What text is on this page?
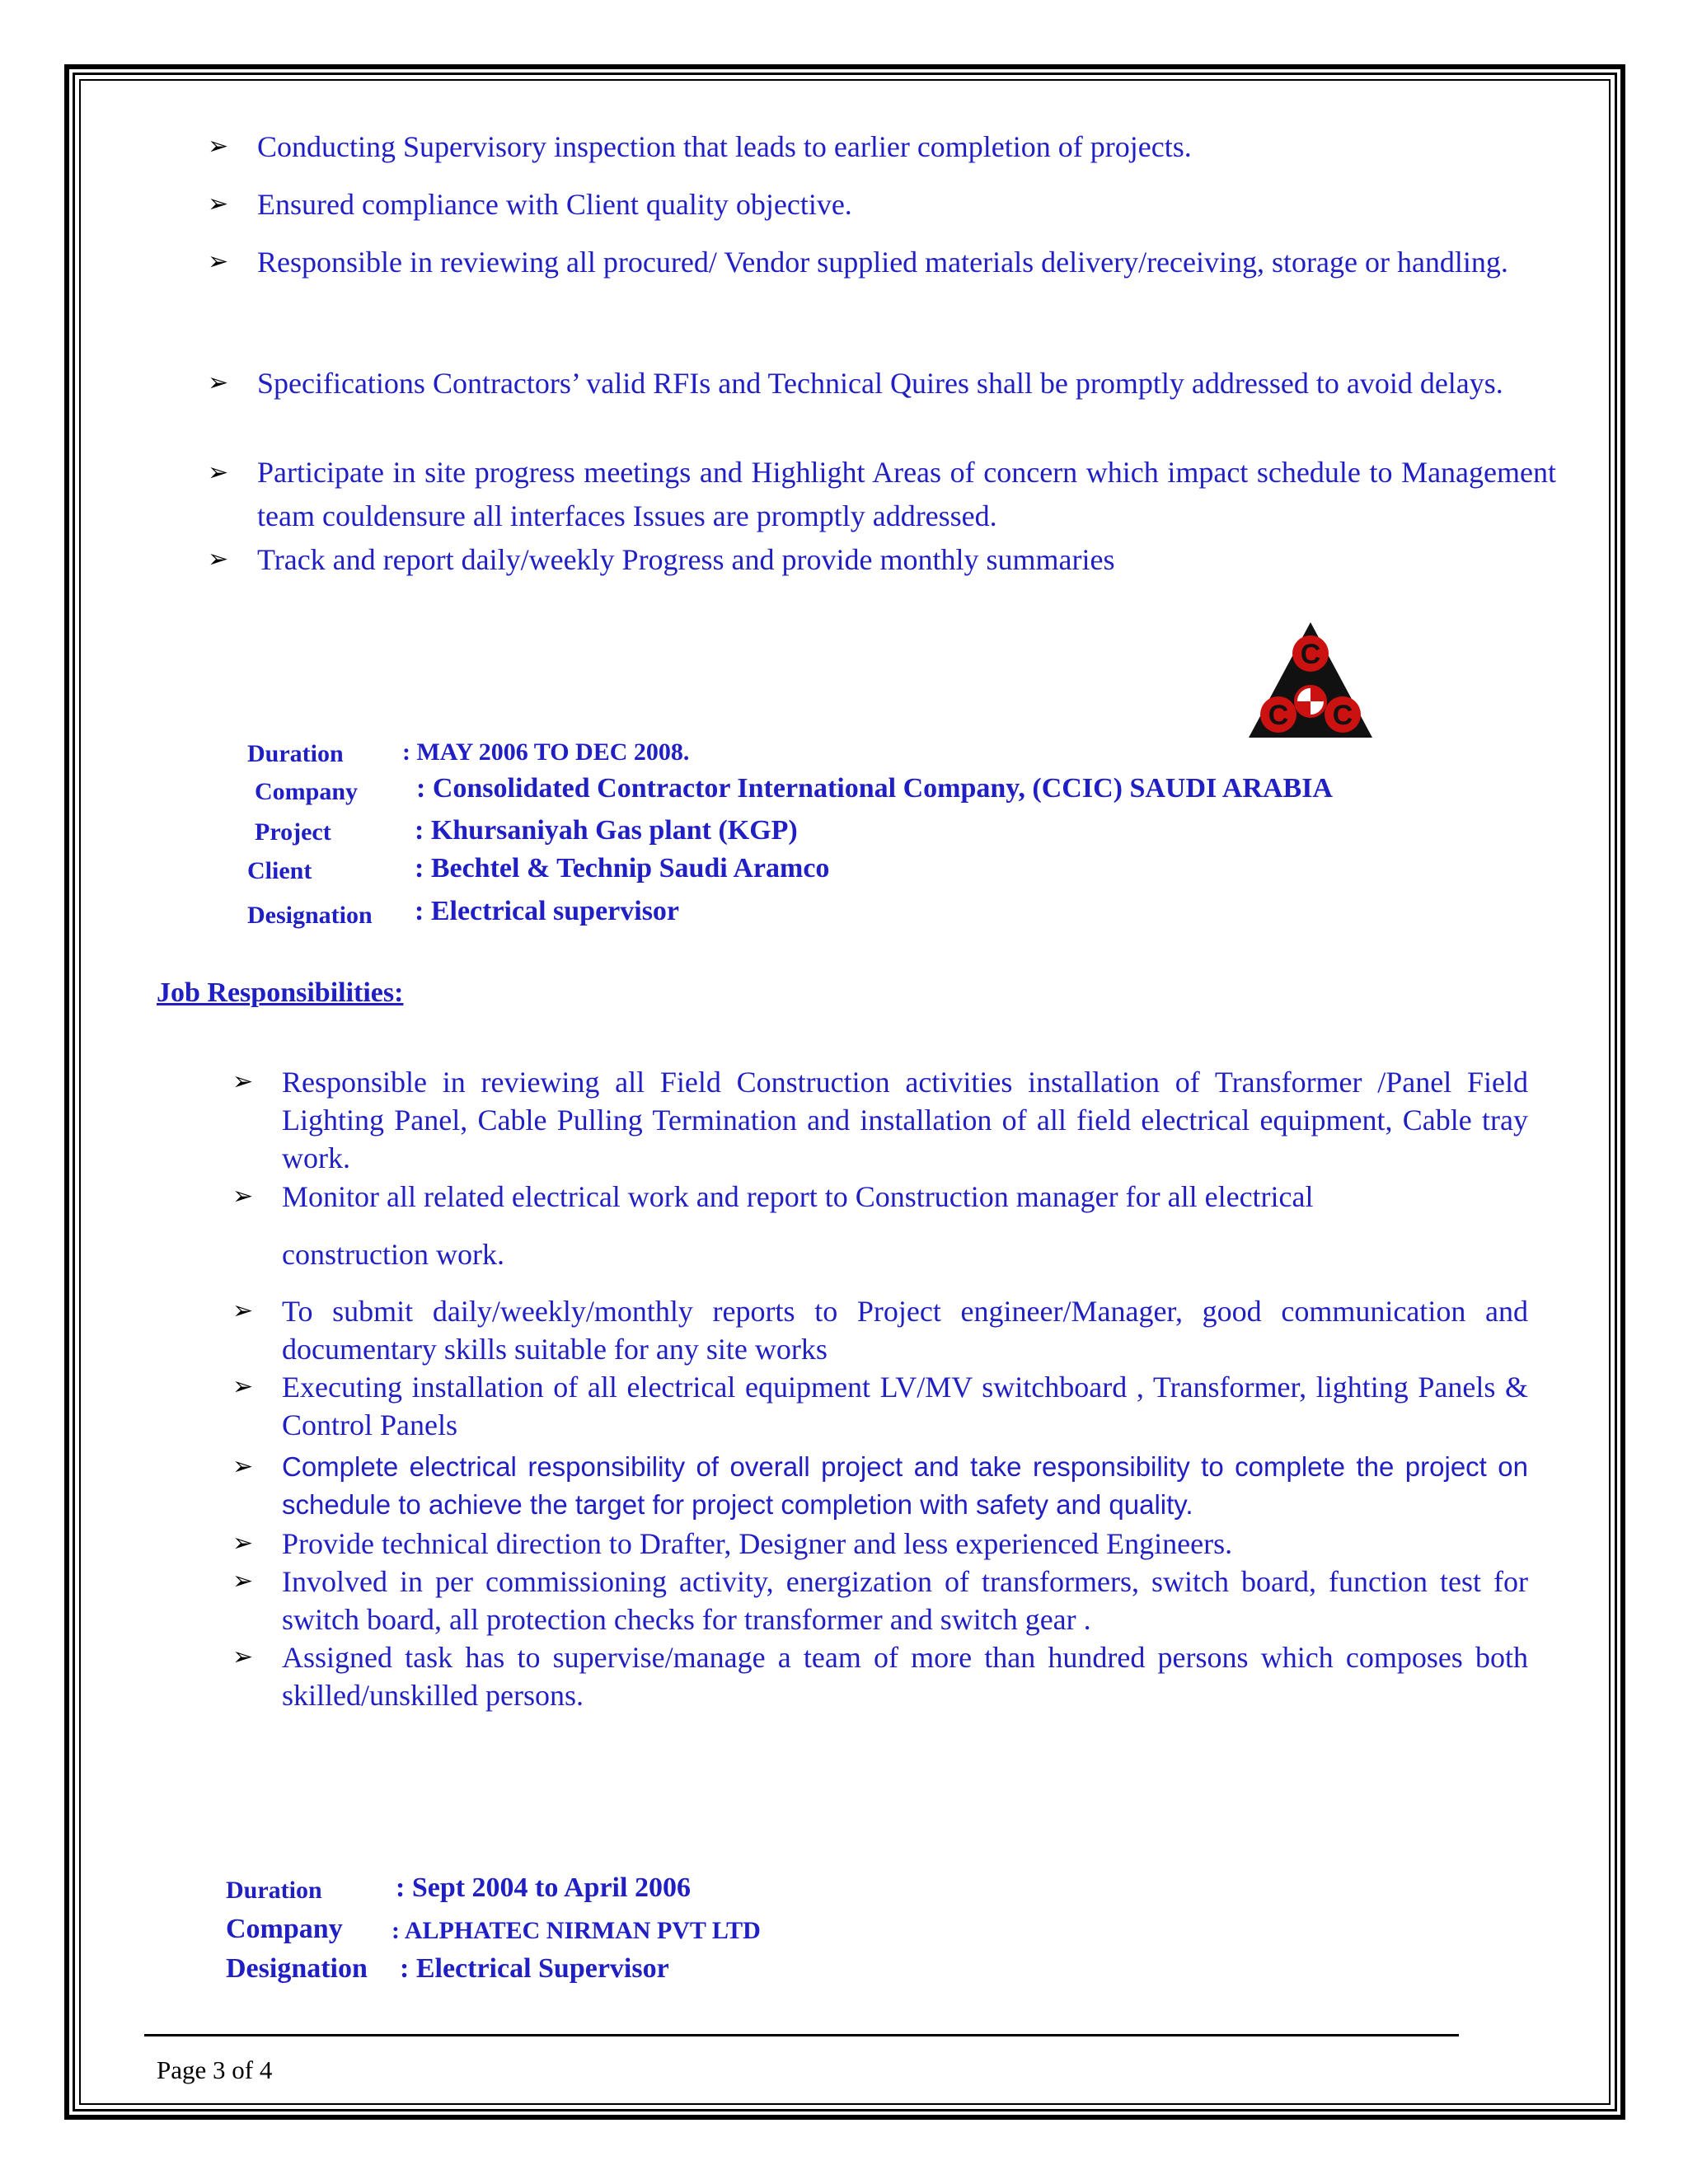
➢ Conducting Supervisory inspection that leads to earlier completion of projects.
➢ Ensured compliance with Client quality objective.
➢ Responsible in reviewing all procured/ Vendor supplied materials delivery/receiving, storage or handling.
➢ Specifications Contractors’ valid RFIs and Technical Quires shall be promptly addressed to avoid delays.
➢ Participate in site progress meetings and Highlight Areas of concern which impact schedule to Management team couldensure all interfaces Issues are promptly addressed.
➢ Track and report daily/weekly Progress and provide monthly summaries
C
C C
Duration : MAY 2006 TO DEC 2008.
Company : Consolidated Contractor International Company, (CCIC) SAUDI ARABIA
Project	: Khursaniyah Gas plant (KGP)
Client	: Bechtel & Technip Saudi Aramco
Designation : Electrical supervisor
Job Responsibilities:
➢ Responsible in reviewing all Field Construction activities installation of Transformer /Panel Field Lighting Panel, Cable Pulling Termination and installation of all field electrical equipment, Cable tray work.
➢ Monitor all related electrical work and report to Construction manager for all electrical
construction work.
➢ To submit daily/weekly/monthly reports to Project engineer/Manager, good communication and documentary skills suitable for any site works
➢ Executing installation of all electrical equipment LV/MV switchboard , Transformer, lighting Panels & Control Panels
➢ Complete electrical responsibility of overall project and take responsibility to complete the project on schedule to achieve the target for project completion with safety and quality.
➢ Provide technical direction to Drafter, Designer and less experienced Engineers.
➢ Involved in per commissioning activity, energization of transformers, switch board, function test for switch board, all protection checks for transformer and switch gear .
➢ Assigned task has to supervise/manage a team of more than hundred persons which composes both skilled/unskilled persons.
Duration	: Sept 2004 to April 2006
Company : ALPHATEC NIRMAN PVT LTD
Designation : Electrical Supervisor
Page 3 of 4
